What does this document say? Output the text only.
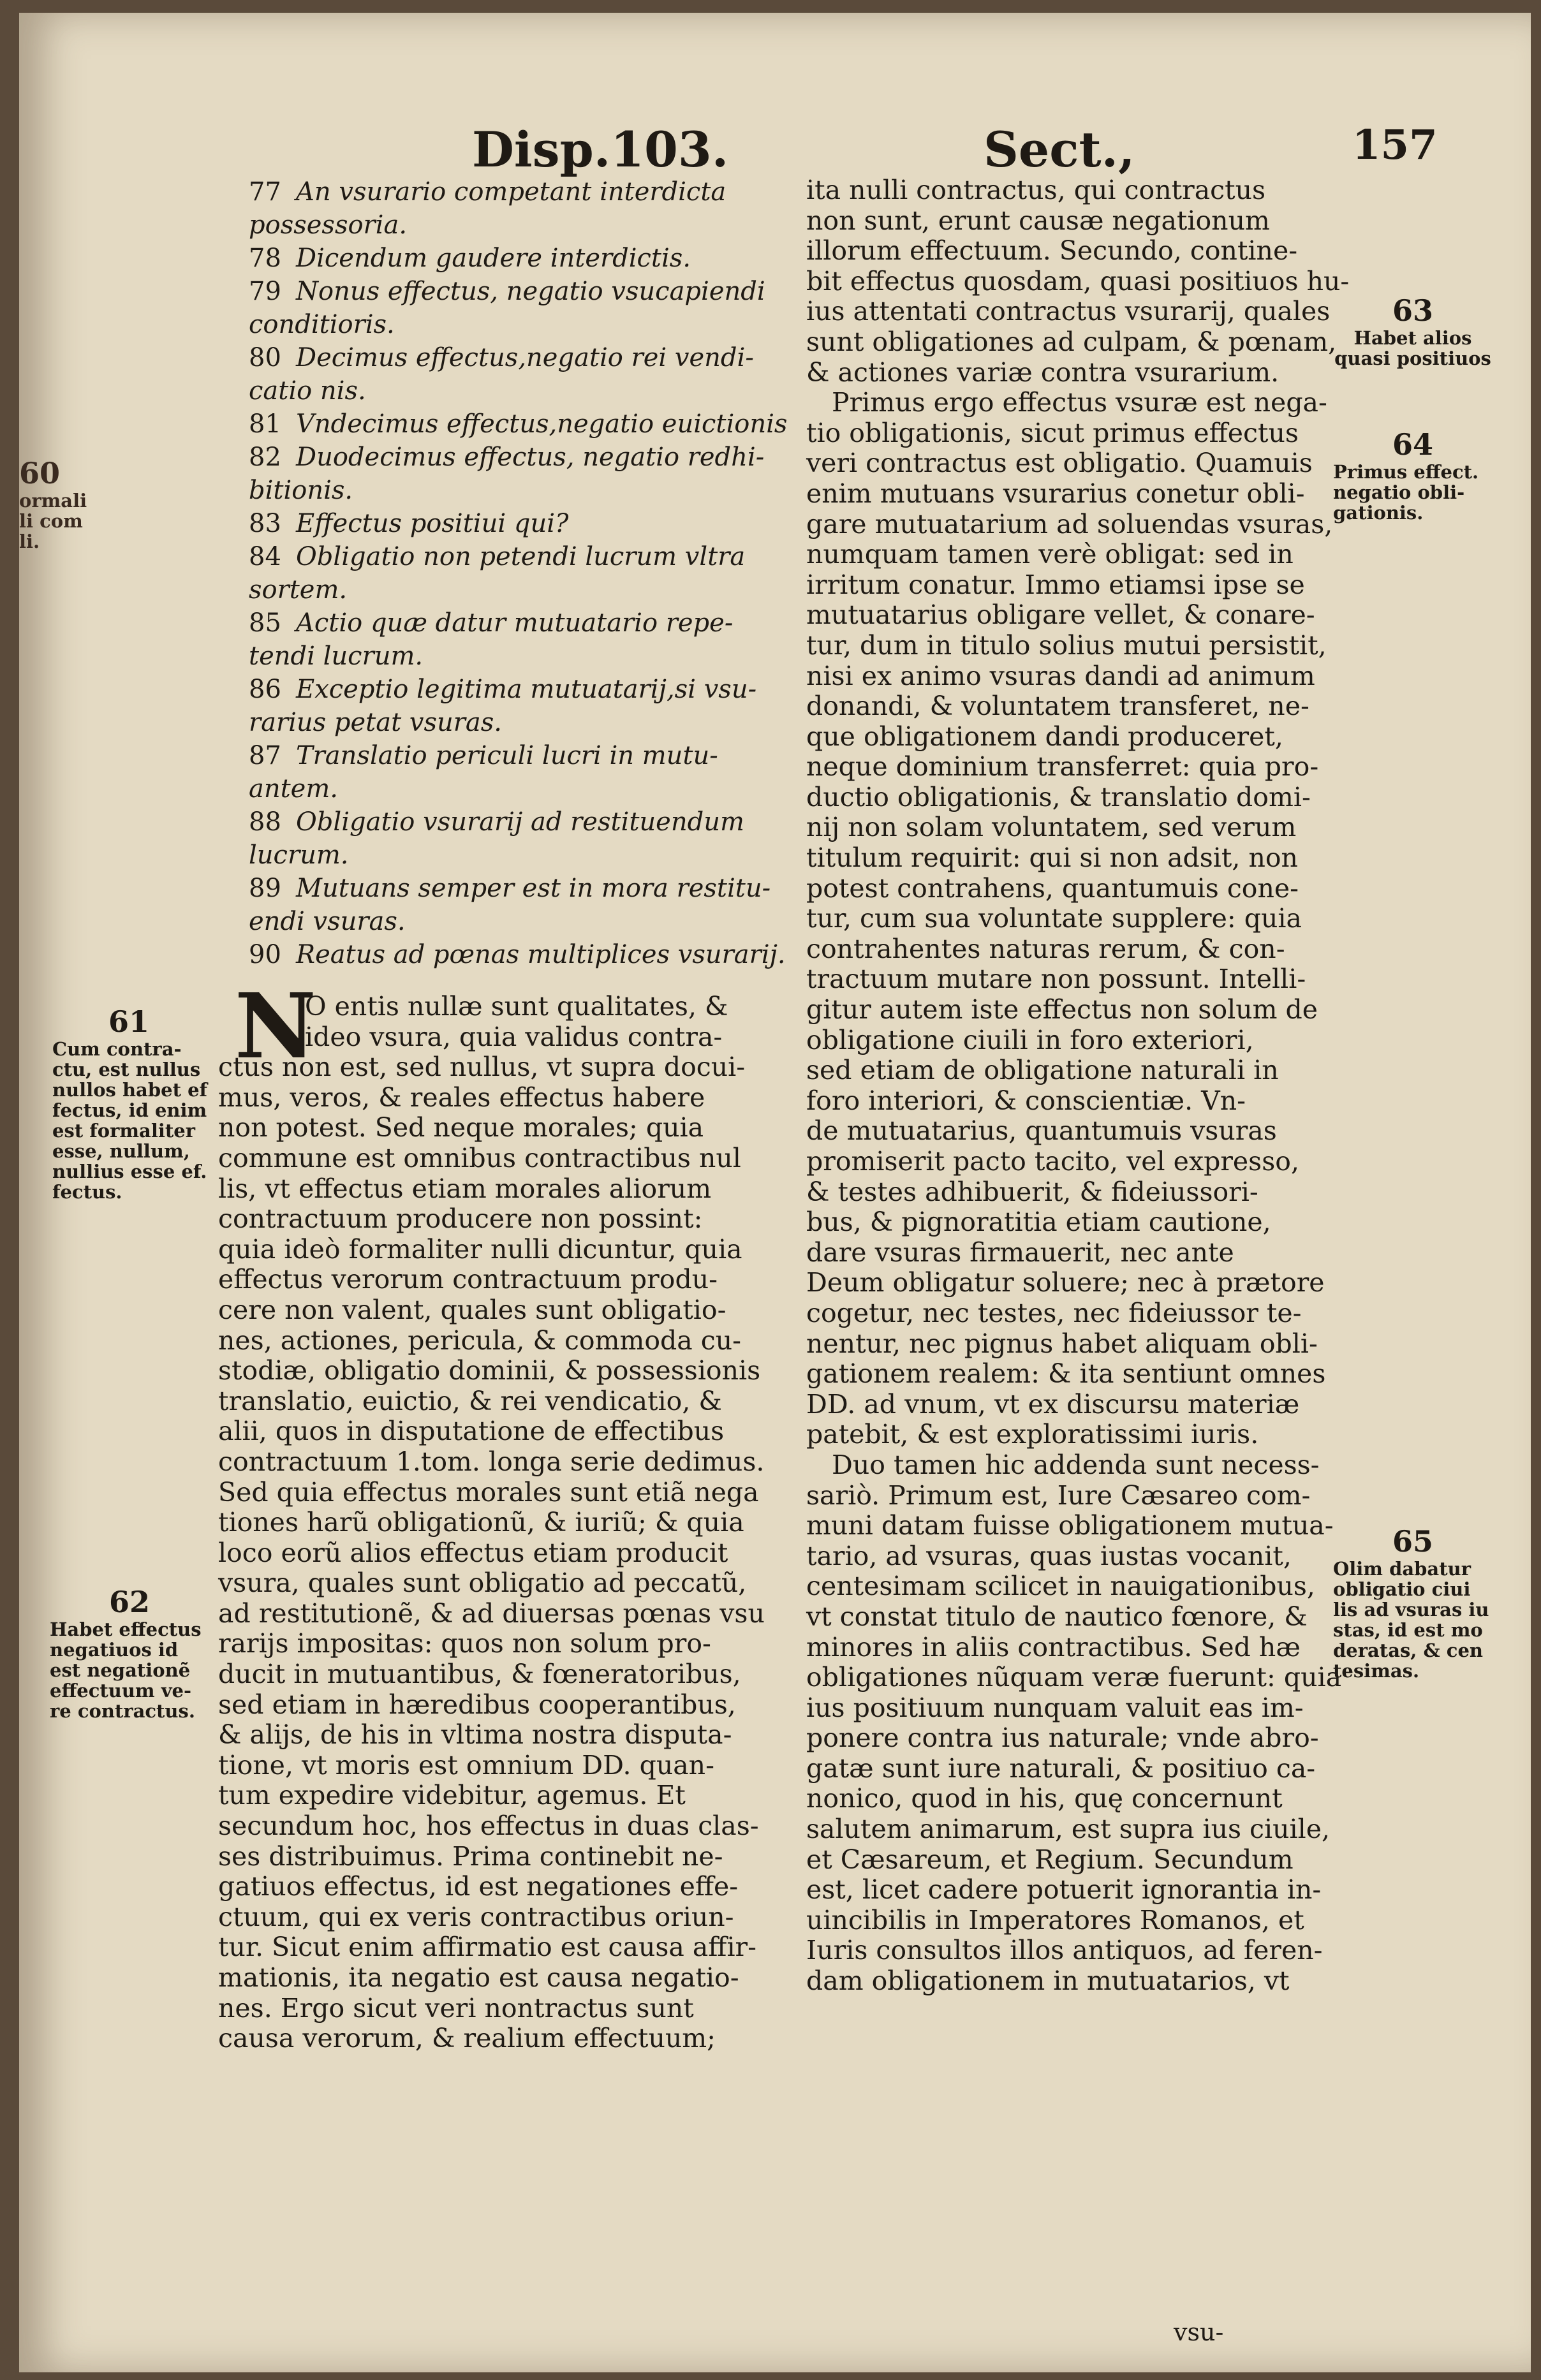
Disp.103.	Sect.,	157
77 An vsurario competant interdicta
possessoria.
78 Dicendum gaudere interdictis.
79 Nonus effectus, negatio vsucapiendi
conditioris.
80 Decimus effectus,negatio rei vendi-
catio nis.
81 Vndecimus effectus,negatio euictionis
82 Duodecimus effectus, negatio redhi-
bitionis.
83 Effectus positiui qui?
84 Obligatio non petendi lucrum vltra
sortem.
85 Actio quæ datur mutuatario repe-
tendi lucrum.
86 Exceptio legitima mutuatarij,si vsu-
rarius petat vsuras.
87 Translatio periculi lucri in mutu-
antem.
88 Obligatio vsurarij ad restituendum
lucrum.
89 Mutuans semper est in mora restitu-
endi vsuras.
90 Reatus ad pœnas multiplices vsurarij.
N
O entis nullæ sunt qualitates, &
ideo vsura, quia validus contra-
ctus non est, sed nullus, vt supra docui-
mus, veros, & reales effectus habere
non potest. Sed neque morales; quia
commune est omnibus contractibus nul
lis, vt effectus etiam morales aliorum
contractuum producere non possint:
quia ideò formaliter nulli dicuntur, quia
effectus verorum contractuum produ-
cere non valent, quales sunt obligatio-
nes, actiones, pericula, & commoda cu-
stodiæ, obligatio dominii, & possessionis
translatio, euictio, & rei vendicatio, &
alii, quos in disputatione de effectibus
contractuum 1.tom. longa serie dedimus.
Sed quia effectus morales sunt etiã nega
tiones harũ obligationũ, & iuriũ; & quia
loco eorũ alios effectus etiam producit
vsura, quales sunt obligatio ad peccatũ,
ad restitutionẽ, & ad diuersas pœnas vsu
rarijs impositas: quos non solum pro-
ducit in mutuantibus, & fœneratoribus,
sed etiam in hæredibus cooperantibus,
& alijs, de his in vltima nostra disputa-
tione, vt moris est omnium DD. quan-
tum expedire videbitur, agemus. Et
secundum hoc, hos effectus in duas clas-
ses distribuimus. Prima continebit ne-
gatiuos effectus, id est negationes effe-
ctuum, qui ex veris contractibus oriun-
tur. Sicut enim affirmatio est causa affir-
mationis, ita negatio est causa negatio-
nes. Ergo sicut veri nontractus sunt
causa verorum, & realium effectuum;
ita nulli contractus, qui contractus
non sunt, erunt causæ negationum
illorum effectuum. Secundo, contine-
bit effectus quosdam, quasi positiuos hu-
ius attentati contractus vsurarij, quales
sunt obligationes ad culpam, & pœnam,
& actiones variæ contra vsurarium.
Primus ergo effectus vsuræ est nega-
tio obligationis, sicut primus effectus
veri contractus est obligatio. Quamuis
enim mutuans vsurarius conetur obli-
gare mutuatarium ad soluendas vsuras,
numquam tamen verè obligat: sed in
irritum conatur. Immo etiamsi ipse se
mutuatarius obligare vellet, & conare-
tur, dum in titulo solius mutui persistit,
nisi ex animo vsuras dandi ad animum
donandi, & voluntatem transferet, ne-
que obligationem dandi produceret,
neque dominium transferret: quia pro-
ductio obligationis, & translatio domi-
nij non solam voluntatem, sed verum
titulum requirit: qui si non adsit, non
potest contrahens, quantumuis cone-
tur, cum sua voluntate supplere: quia
contrahentes naturas rerum, & con-
tractuum mutare non possunt. Intelli-
gitur autem iste effectus non solum de
obligatione ciuili in foro exteriori,
sed etiam de obligatione naturali in
foro interiori, & conscientiæ. Vn-
de mutuatarius, quantumuis vsuras
promiserit pacto tacito, vel expresso,
& testes adhibuerit, & fideiussori-
bus, & pignoratitia etiam cautione,
dare vsuras firmauerit, nec ante
Deum obligatur soluere; nec à prætore
cogetur, nec testes, nec fideiussor te-
nentur, nec pignus habet aliquam obli-
gationem realem: & ita sentiunt omnes
DD. ad vnum, vt ex discursu materiæ
patebit, & est exploratissimi iuris.
Duo tamen hic addenda sunt necess-
sariò. Primum est, Iure Cæsareo com-
muni datam fuisse obligationem mutua-
tario, ad vsuras, quas iustas vocanit,
centesimam scilicet in nauigationibus,
vt constat titulo de nautico fœnore, &
minores in aliis contractibus. Sed hæ
obligationes nũquam veræ fuerunt: quia
ius positiuum nunquam valuit eas im-
ponere contra ius naturale; vnde abro-
gatæ sunt iure naturali, & positiuo ca-
nonico, quod in his, quę concernunt
salutem animarum, est supra ius ciuile,
et Cæsareum, et Regium. Secundum
est, licet cadere potuerit ignorantia in-
uincibilis in Imperatores Romanos, et
Iuris consultos illos antiquos, ad feren-
dam obligationem in mutuatarios, vt
vsu-
61
Cum contra-
ctu, est nullus
nullos habet ef
fectus, id enim
est formaliter
esse, nullum,
nullius esse ef.
fectus.
62
Habet effectus
negatiuos id
est negationẽ
effectuum ve-
re contractus.
63
Habet alios
quasi positiuos
64
Primus effect.
negatio obli-
gationis.
65
Olim dabatur
obligatio ciui
lis ad vsuras iu
stas, id est mo
deratas, & cen
tesimas.
60
ormali
li com
li.
